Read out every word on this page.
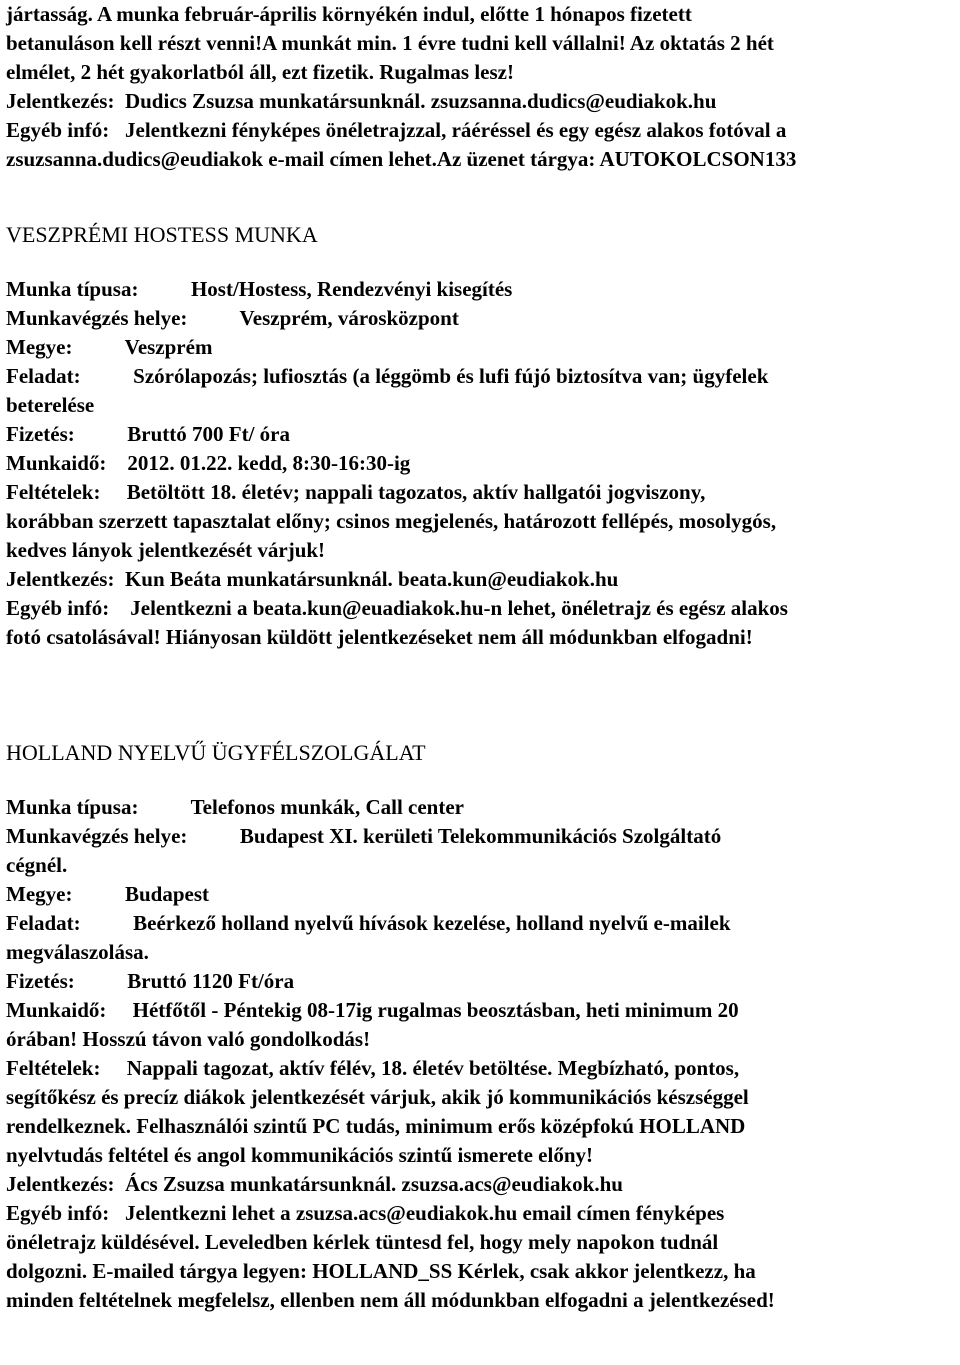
jártasság. A munka február-április környékén indul, előtte 1 hónapos fizetett
betanuláson kell részt venni!A munkát min. 1 évre tudni kell vállalni! Az oktatás 2 hét
elmélet, 2 hét gyakorlatból áll, ezt fizetik. Rugalmas lesz!
Jelentkezés:  Dudics Zsuzsa munkatársunknál. zsuzsanna.dudics@eudiakok.hu
Egyéb infó:   Jelentkezni fényképes önéletrajzzal, ráéréssel és egy egész alakos fotóval a
zsuzsanna.dudics@eudiakok e-mail címen lehet.Az üzenet tárgya: AUTOKOLCSON133
VESZPRÉMI HOSTESS MUNKA
Munka típusa:          Host/Hostess, Rendezvényi kisegítés
Munkavégzés helye:          Veszprém, városközpont
Megye:          Veszprém
Feladat:          Szórólapozás; lufiosztás (a léggömb és lufi fújó biztosítva van; ügyfelek
beterelése
Fizetés:          Bruttó 700 Ft/ óra
Munkaidő:    2012. 01.22. kedd, 8:30-16:30-ig
Feltételek:     Betöltött 18. életév; nappali tagozatos, aktív hallgatói jogviszony,
korábban szerzett tapasztalat előny; csinos megjelenés, határozott fellépés, mosolygós,
kedves lányok jelentkezését várjuk!
Jelentkezés:  Kun Beáta munkatársunknál. beata.kun@eudiakok.hu
Egyéb infó:    Jelentkezni a beata.kun@euadiakok.hu-n lehet, önéletrajz és egész alakos
fotó csatolásával! Hiányosan küldött jelentkezéseket nem áll módunkban elfogadni!
HOLLAND NYELVŰ ÜGYFÉLSZOLGÁLAT
Munka típusa:          Telefonos munkák, Call center
Munkavégzés helye:          Budapest XI. kerületi Telekommunikációs Szolgáltató
cégnél.
Megye:          Budapest
Feladat:          Beérkező holland nyelvű hívások kezelése, holland nyelvű e-mailek
megválaszolása.
Fizetés:          Bruttó 1120 Ft/óra
Munkaidő:     Hétfőtől - Péntekig 08-17ig rugalmas beosztásban, heti minimum 20
órában! Hosszú távon való gondolkodás!
Feltételek:     Nappali tagozat, aktív félév, 18. életév betöltése. Megbízható, pontos,
segítőkész és precíz diákok jelentkezését várjuk, akik jó kommunikációs készséggel
rendelkeznek. Felhasználói szintű PC tudás, minimum erős középfokú HOLLAND
nyelvtudás feltétel és angol kommunikációs szintű ismerete előny!
Jelentkezés:  Ács Zsuzsa munkatársunknál. zsuzsa.acs@eudiakok.hu
Egyéb infó:   Jelentkezni lehet a zsuzsa.acs@eudiakok.hu email címen fényképes
önéletrajz küldésével. Leveledben kérlek tüntesd fel, hogy mely napokon tudnál
dolgozni. E-mailed tárgya legyen: HOLLAND_SS Kérlek, csak akkor jelentkezz, ha
minden feltételnek megfelelsz, ellenben nem áll módunkban elfogadni a jelentkezésed!
